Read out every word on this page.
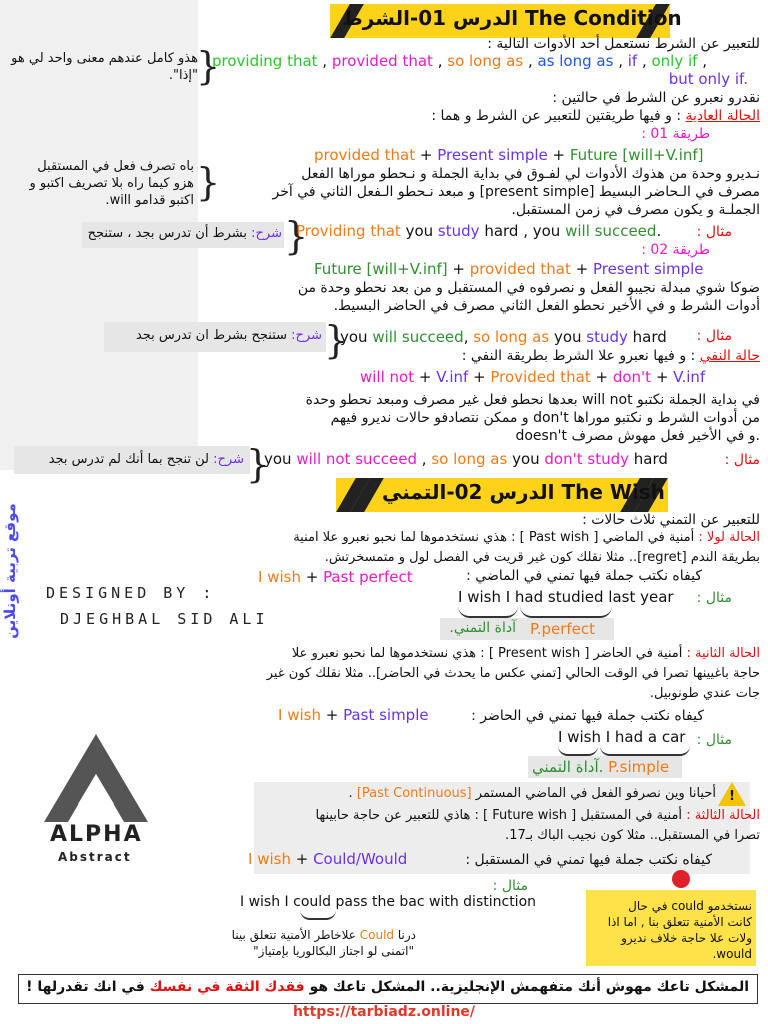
الدرس 01-الشرط The Condition
للتعبير عن الشرط نستعمل أحد الأدوات التالية :
providing that , provided that , so long as , as long as , if , only if ,
but only if.
هذو كامل عندهم معنى واحد لي هو "إذا".
}
نقدرو نعبرو عن الشرط في حالتين :
الحالة العادية : و فيها طريقتين للتعبير عن الشرط و هما :
طريقة 01 :
provided that + Present simple + Future [will+V.inf]
نـديرو وحدة من هذوك الأدوات لي لفـوق في بداية الجملة و نـحطو موراها الفعل
مصرف في الـحاضر البسيط [present simple] و مبعد نـحطو الـفعل الثاني في آخر
الجملـة و يكون مصرف في زمن المستقبل.
باه تصرف فعل في المستقبل
هزو كيما راه بلا تصريف اكتبو و
اكتبو قدامو will. }
Providing that you study hard , you will succeed.	مثال :
شرح: بشرط أن تدرس بجد ، ستنجح }	طريقة 02 :
Future [will+V.inf] + provided that + Present simple
ضوكا شوي مبدلة نجيبو الفعل و نصرفوه في المستقبل و من بعد نحطو وحدة من
أدوات الشرط و في الأخير نحطو الفعل الثاني مصرف في الحاضر البسيط.
you will succeed, so long as you study hard مثال :
شرح: ستنجح بشرط ان تدرس بجد }	حالة النفي : و فيها نعبرو علا الشرط بطريقة النفي :
will not + V.inf + Provided that + don't + V.inf
في بداية الجملة نكتبو will not بعدها نحطو فعل غير مصرف ومبعد نحطو وحدة
من أدوات الشرط و نكتبو موراها don't و ممكن نتصادفو حالات نديرو فيهم
doesn't و في الأخير فعل مهوش مصرف.
you will not succeed , so long as you don't study hard	مثال :
شرح: لن تنجح بما أنك لم تدرس بجد }
الدرس 02-التمني The Wish
للتعبير عن التمني ثلاث حالات :
الحالة لولا : أمنية في الماضي [ Past wish ] : هذي نستخدموها لما نحبو نعبرو علا امنية
بطريقة الندم [regret].. مثلا نقلك كون غير قريت في الفصل لول و متمسخرتش.
كيفاه نكتب جملة فيها تمني في الماضي :
I wish + Past perfect
I wish I had studied last year مثال :
آداة التمني. P.perfect
الحالة الثانية : أمنية في الحاضر [ Present wish ] : هذي نستخدموها لما نحبو نعبرو علا
حاجة باغيينها تصرا في الوقت الحالي [تمني عكس ما يحدث في الحاضر].. مثلا نقلك كون غير
جات عندي طونوبيل.
كيفاه نكتب جملة فيها تمني في الحاضر :
I wish + Past simple
I wish I had a car مثال :
آداة التمني. P.simple
!
أحيانا وين نصرفو الفعل في الماضي المستمر [Past Continuous] .
الحالة الثالثة : أمنية في المستقبل [ Future wish ] : هاذي للتعبير عن حاجة حابينها
تصرا في المستقبل.. مثلا كون نجيب الباك بـ17.
كيفاه نكتب جملة فيها تمني في المستقبل :
I wish + Could/Would
مثال :
I wish I could pass the bac with distinction
درنا Could علاخاطر الأمنية تتعلق بينا
"اتمنى لو اجتاز البكالوريا بإمتياز"
نستخدمو could في حال
كانت الأمنية تتعلق بنا , اما اذا
ولات علا حاجة خلاف نديرو
would.
موقع تربية أونلاين DESIGNED BY :
DJEGHBAL SID ALI
ALPHA
Abstract
المشكل تاعك مهوش أنك متفهمش الإنجليزية.. المشكل تاعك هو فقدك الثقة في نفسك في انك تقدرلها !
https://tarbiadz.online/
